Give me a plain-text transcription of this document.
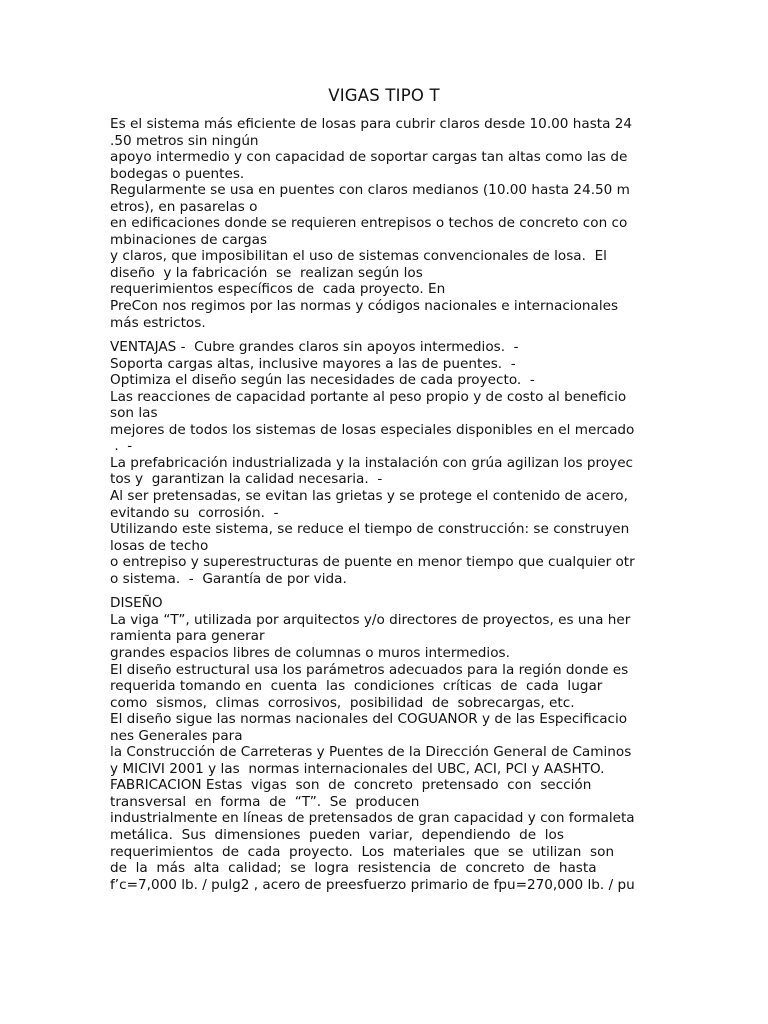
VIGAS TIPO T
Es el sistema más eficiente de losas para cubrir claros desde 10.00 hasta 24
.50 metros sin ningún
apoyo intermedio y con capacidad de soportar cargas tan altas como las de
bodegas o puentes.
Regularmente se usa en puentes con claros medianos (10.00 hasta 24.50 m
etros), en pasarelas o
en edificaciones donde se requieren entrepisos o techos de concreto con co
mbinaciones de cargas
y claros, que imposibilitan el uso de sistemas convencionales de losa.  El
diseño  y la fabricación  se  realizan según los
requerimientos específicos de  cada proyecto. En
PreCon nos regimos por las normas y códigos nacionales e internacionales
más estrictos.
VENTAJAS -  Cubre grandes claros sin apoyos intermedios.  -
Soporta cargas altas, inclusive mayores a las de puentes.  -
Optimiza el diseño según las necesidades de cada proyecto.  -
Las reacciones de capacidad portante al peso propio y de costo al beneficio
son las
mejores de todos los sistemas de losas especiales disponibles en el mercado
.  -
La prefabricación industrializada y la instalación con grúa agilizan los proyec
tos y  garantizan la calidad necesaria.  -
Al ser pretensadas, se evitan las grietas y se protege el contenido de acero,
evitando su  corrosión.  -
Utilizando este sistema, se reduce el tiempo de construcción: se construyen
losas de techo
o entrepiso y superestructuras de puente en menor tiempo que cualquier otr
o sistema.  -  Garantía de por vida.
DISEÑO
La viga “T”, utilizada por arquitectos y/o directores de proyectos, es una her
ramienta para generar
grandes espacios libres de columnas o muros intermedios.
El diseño estructural usa los parámetros adecuados para la región donde es
requerida tomando en  cuenta  las  condiciones  críticas  de  cada  lugar
como  sismos,  climas  corrosivos,  posibilidad  de  sobrecargas, etc.
El diseño sigue las normas nacionales del COGUANOR y de las Especificacio
nes Generales para
la Construcción de Carreteras y Puentes de la Dirección General de Caminos
y MICIVI 2001 y las  normas internacionales del UBC, ACI, PCI y AASHTO.
FABRICACION Estas  vigas  son  de  concreto  pretensado  con  sección
transversal  en  forma  de  “T”.  Se  producen
industrialmente en líneas de pretensados de gran capacidad y con formaleta
metálica.  Sus  dimensiones  pueden  variar,  dependiendo  de  los
requerimientos  de  cada  proyecto.  Los  materiales  que  se  utilizan  son
de  la  más  alta  calidad;  se  logra  resistencia  de  concreto  de  hasta
f’c=7,000 lb. / pulg2 , acero de preesfuerzo primario de fpu=270,000 lb. / pu
